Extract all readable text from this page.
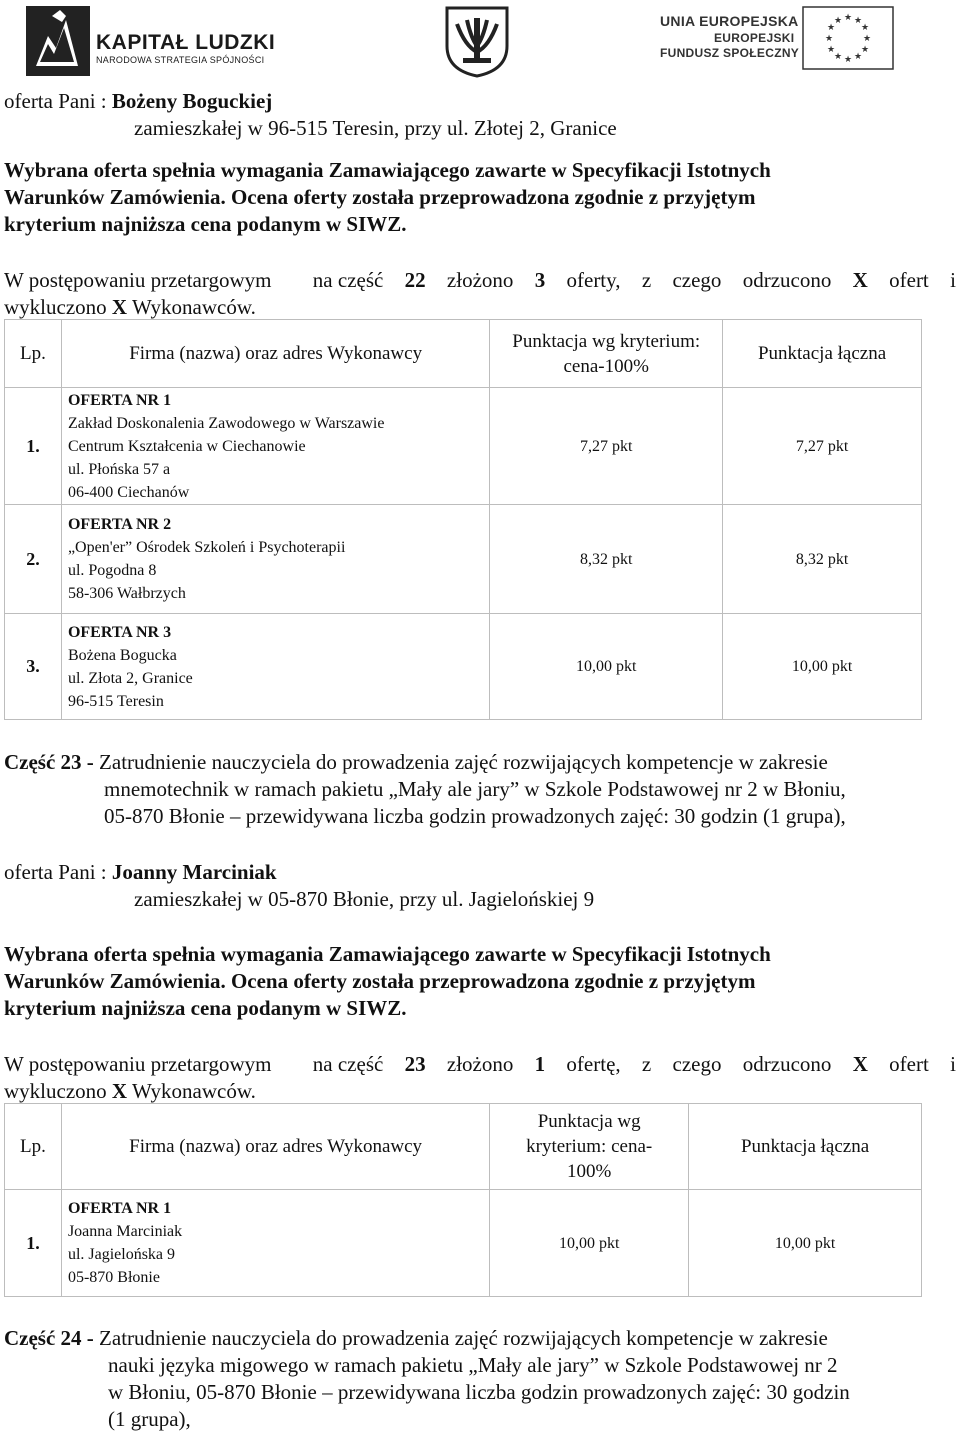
KAPITAŁ LUDZKI
NARODOWA STRATEGIA SPÓJNOŚCI
UNIA EUROPEJSKA
EUROPEJSKI
FUNDUSZ SPOŁECZNY
★ ★
★
★
★
★
★
★
★
★
★
★
oferta Pani : Bożeny Boguckiej
zamieszkałej w 96-515 Teresin, przy ul. Złotej 2, Granice
Wybrana oferta spełnia wymagania Zamawiającego zawarte w Specyfikacji Istotnych
Warunków Zamówienia. Ocena oferty została przeprowadzona zgodnie z przyjętym
kryterium najniższa cena podanym w SIWZ.
W postępowaniu przetargowym na część 22 złożono 3 oferty, z czego odrzucono X ofert i
wykluczono X Wykonawców.
Lp.	Firma (nazwa) oraz adres Wykonawcy	Punktacja wg kryterium: cena-100%	Punktacja łączna
1.	OFERTA NR 1
Zakład Doskonalenia Zawodowego w Warszawie
Centrum Kształcenia w Ciechanowie
ul. Płońska 57 a
06-400 Ciechanów	7,27 pkt	7,27 pkt
2.	OFERTA NR 2
„Open'er” Ośrodek Szkoleń i Psychoterapii
ul. Pogodna 8
58-306 Wałbrzych	8,32 pkt	8,32 pkt
3.	OFERTA NR 3
Bożena Bogucka
ul. Złota 2, Granice
96-515 Teresin	10,00 pkt	10,00 pkt
Część 23 - Zatrudnienie nauczyciela do prowadzenia zajęć rozwijających kompetencje w zakresie
mnemotechnik w ramach pakietu „Mały ale jary” w Szkole Podstawowej nr 2 w Błoniu,
05-870 Błonie – przewidywana liczba godzin prowadzonych zajęć: 30 godzin (1 grupa),
oferta Pani : Joanny Marciniak
zamieszkałej w 05-870 Błonie, przy ul. Jagielońskiej 9
Wybrana oferta spełnia wymagania Zamawiającego zawarte w Specyfikacji Istotnych
Warunków Zamówienia. Ocena oferty została przeprowadzona zgodnie z przyjętym
kryterium najniższa cena podanym w SIWZ.
W postępowaniu przetargowym na część 23 złożono 1 ofertę, z czego odrzucono X ofert i
wykluczono X Wykonawców.
Lp.	Firma (nazwa) oraz adres Wykonawcy	Punktacja wg kryterium: cena-100%	Punktacja łączna
1.	OFERTA NR 1
Joanna Marciniak
ul. Jagielońska 9
05-870 Błonie	10,00 pkt	10,00 pkt
Część 24 - Zatrudnienie nauczyciela do prowadzenia zajęć rozwijających kompetencje w zakresie
nauki języka migowego w ramach pakietu „Mały ale jary” w Szkole Podstawowej nr 2
w Błoniu, 05-870 Błonie – przewidywana liczba godzin prowadzonych zajęć: 30 godzin
(1 grupa),
